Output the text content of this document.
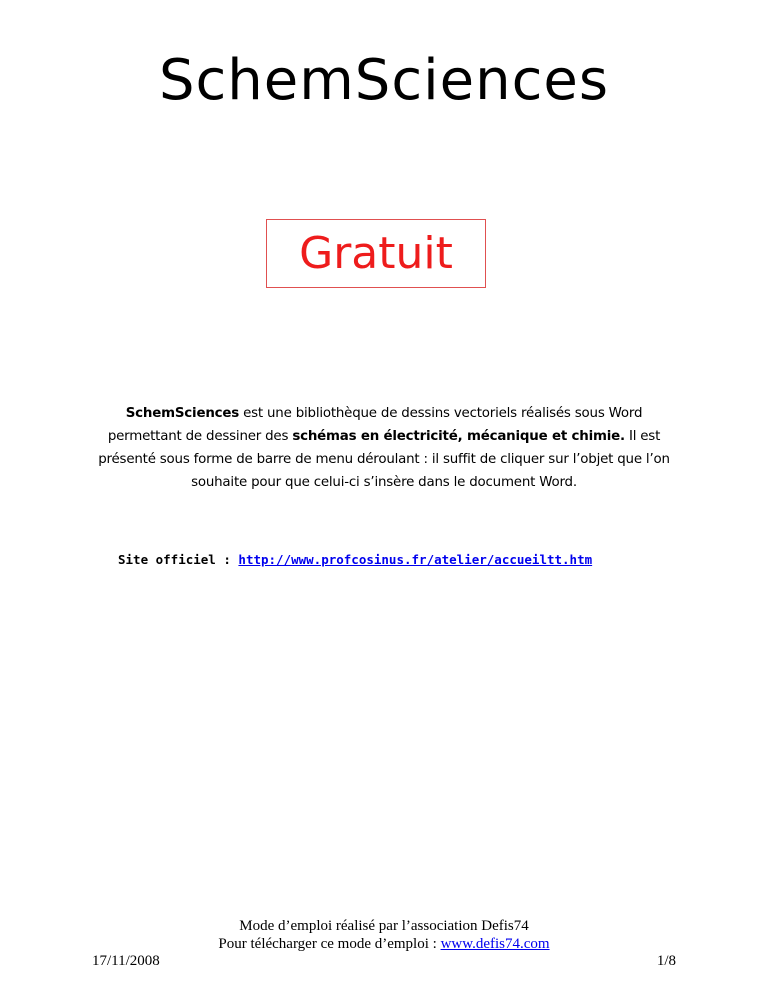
SchemSciences
Gratuit
SchemSciences est une bibliothèque de dessins vectoriels réalisés sous Word permettant de dessiner des schémas en électricité, mécanique et chimie. Il est présenté sous forme de barre de menu déroulant : il suffit de cliquer sur l’objet que l’on souhaite pour que celui-ci s’insère dans le document Word.
Site officiel : http://www.profcosinus.fr/atelier/accueiltt.htm
Mode d’emploi réalisé par l’association Defis74
Pour télécharger ce mode d’emploi : www.defis74.com
17/11/2008	1/8
